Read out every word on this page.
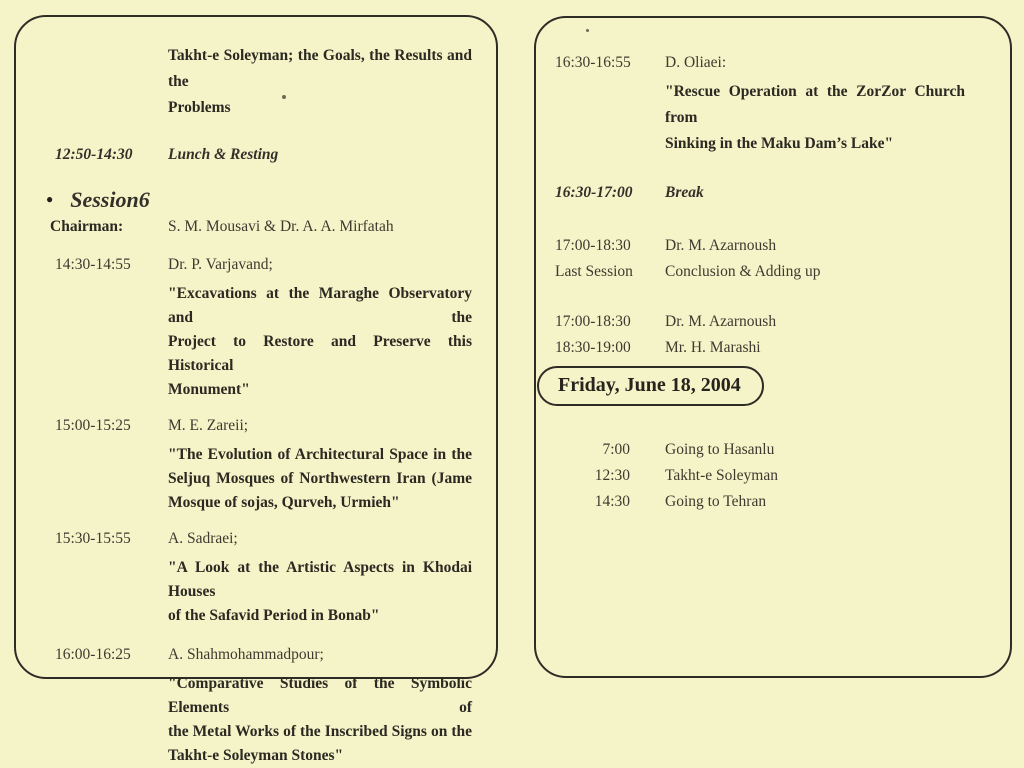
Takht-e Soleyman; the Goals, the Results and the
Problems
12:50-14:30	Lunch & Resting
● Session6
Chairman:	S. M. Mousavi & Dr. A. A. Mirfatah
14:30-14:55	Dr. P. Varjavand;
"Excavations at the Maraghe Observatory and the
Project to Restore and Preserve this Historical
Monument"
15:00-15:25	M. E. Zareii;
"The Evolution of Architectural Space in the
Seljuq Mosques of Northwestern Iran (Jame
Mosque of sojas, Qurveh, Urmieh"
15:30-15:55	A. Sadraei;
"A Look at the Artistic Aspects in Khodai Houses
of the Safavid Period in Bonab"
16:00-16:25	A. Shahmohammadpour;
"Comparative Studies of the Symbolic Elements of
the Metal Works of the Inscribed Signs on the
Takht-e Soleyman Stones"
16:30-16:55	D. Oliaei:
"Rescue Operation at the ZorZor Church from
Sinking in the Maku Dam’s Lake"
16:30-17:00	Break
17:00-18:30	Dr. M. Azarnoush
Last Session	Conclusion & Adding up
17:00-18:30	Dr. M. Azarnoush
18:30-19:00	Mr. H. Marashi
Friday, June 18, 2004
7:00	Going to Hasanlu
12:30	Takht-e Soleyman
14:30	Going to Tehran
